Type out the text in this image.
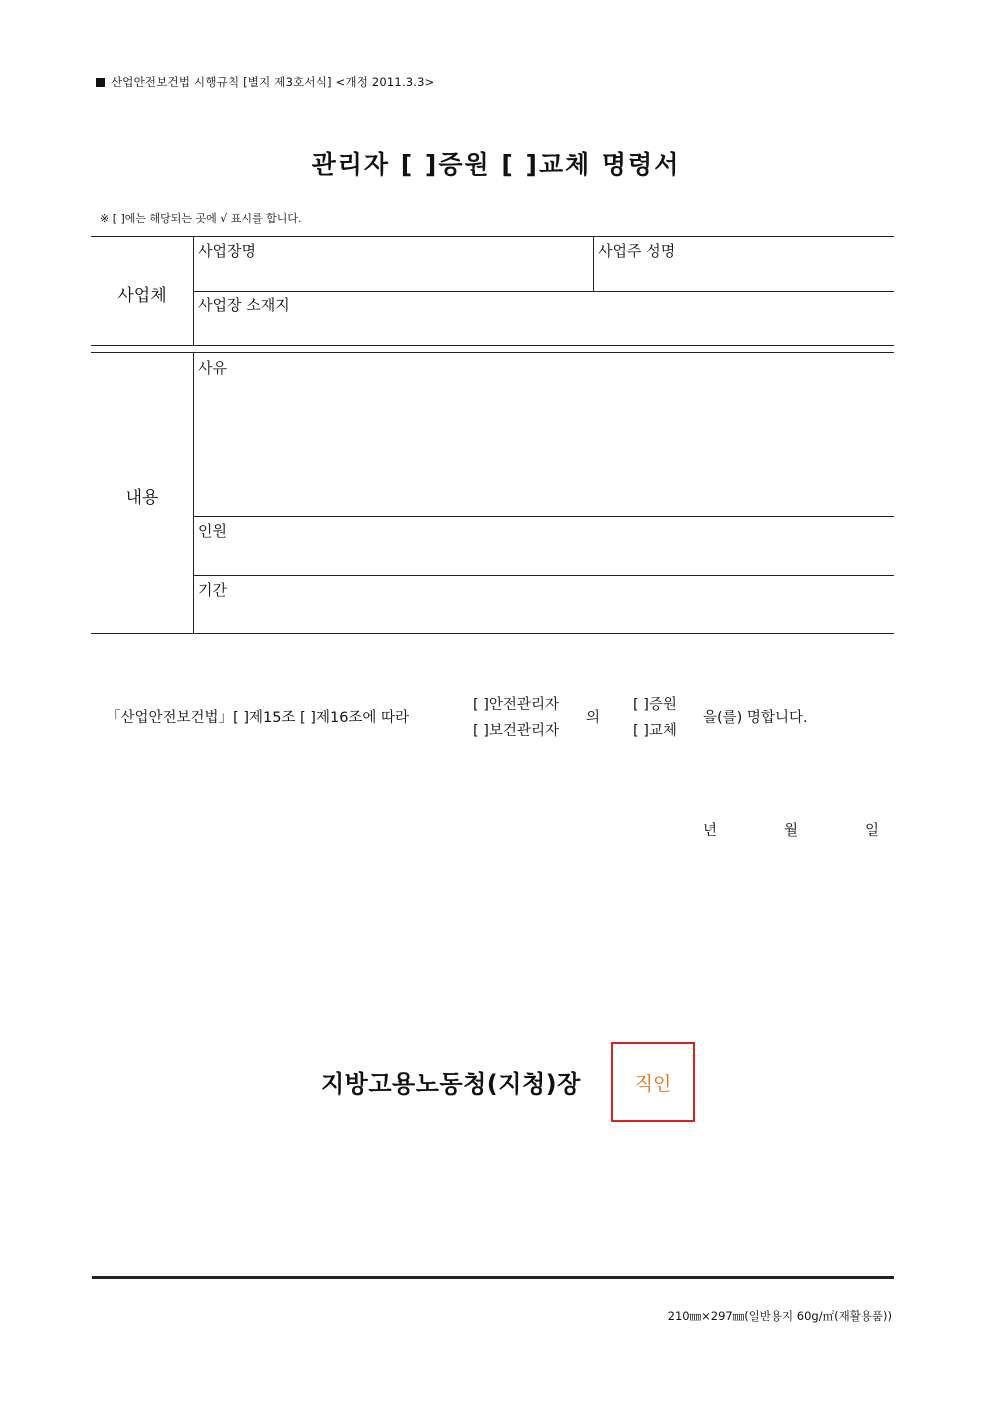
산업안전보건법 시행규칙 [별지 제3호서식] <개정 2011.3.3>
관리자 [ ]증원 [ ]교체 명령서
※ [ ]에는 해당되는 곳에 √ 표시를 합니다.
사업체
사업장명	사업주 성명
사업장 소재지
내용
사유
인원
기간
「산업안전보건법」[ ]제15조 [ ]제16조에 따라
[ ]안전관리자
[ ]보건관리자
의
[ ]증원
[ ]교체
을(를) 명합니다.
년	월	일
지방고용노동청(지청)장	직인
210㎜×297㎜(일반용지 60g/㎡(재활용품))
